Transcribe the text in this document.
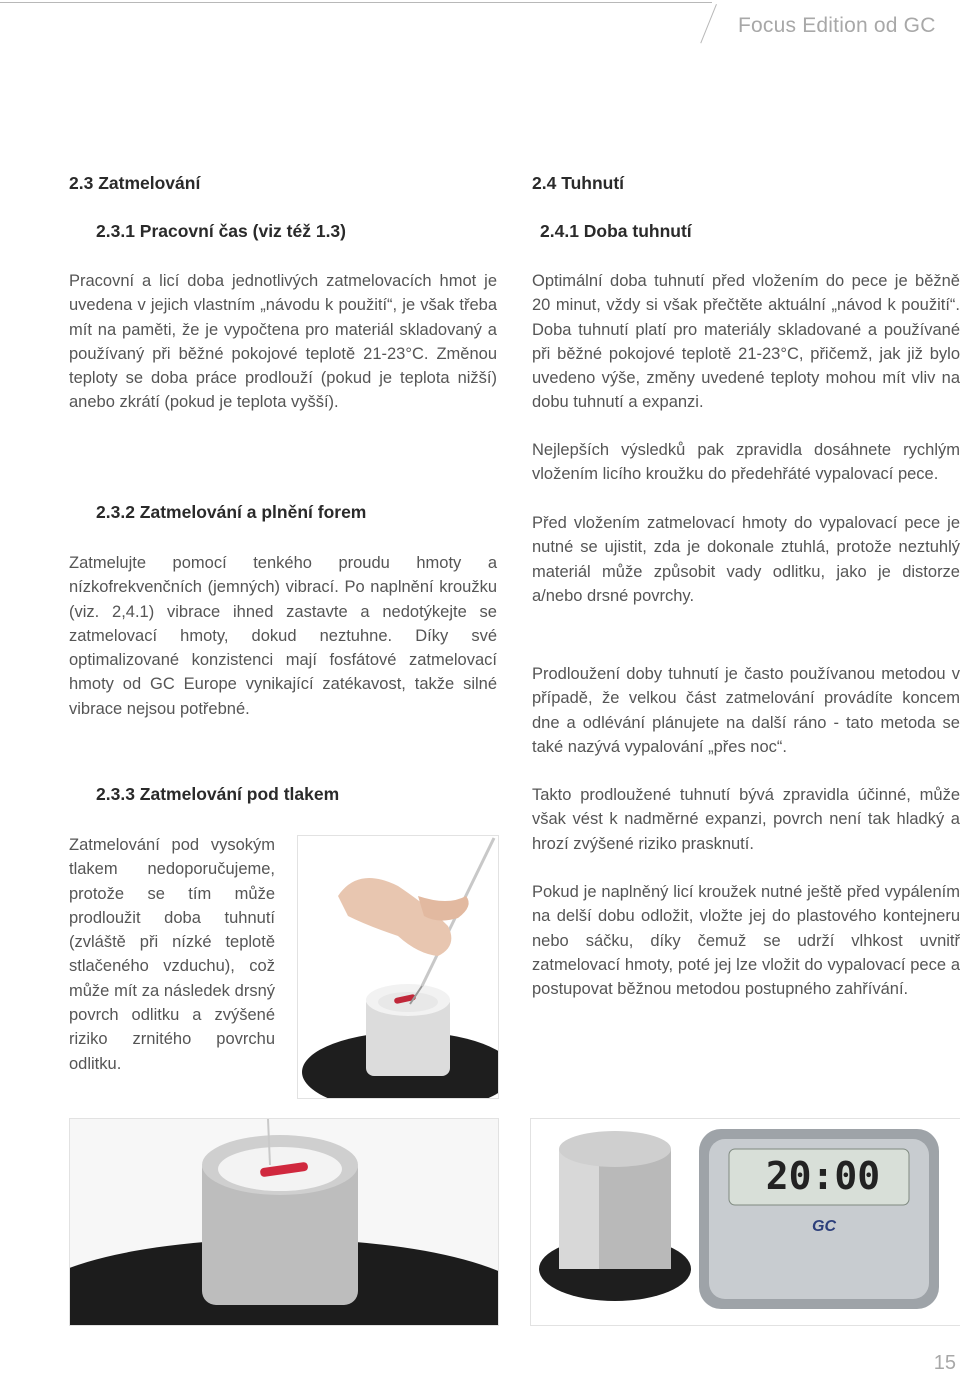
Focus Edition od GC
2.3 Zatmelování
2.3.1 Pracovní čas (viz též 1.3)

Pracovní a licí doba jednotlivých zatmelovacích hmot je uvedena v jejich vlastním „návodu k použití“, je však třeba mít na paměti, že je vypočtena pro materiál skladovaný a používaný při běžné pokojové teplotě 21-23°C. Změnou teploty se doba práce prodlouží (pokud je teplota nižší) anebo zkrátí (pokud je teplota vyšší).

2.3.2 Zatmelování a plnění forem

Zatmelujte pomocí tenkého proudu hmoty a nízkofrekvenčních (jemných) vibrací. Po naplnění kroužku (viz. 2,4.1) vibrace ihned zastavte a nedotýkejte se zatmelovací hmoty, dokud neztuhne. Díky své optimalizované konzistenci mají fosfátové zatmelovací hmoty od GC Europe vynikající zatékavost, takže silné vibrace nejsou potřebné.

2.3.3 Zatmelování pod tlakem

Zatmelování pod vysokým tlakem nedoporučujeme, protože se tím může prodloužit doba tuhnutí (zvláště při nízké teplotě stlačeného vzduchu), což může mít za následek drsný povrch odlitku a zvýšené riziko zrnitého povrchu odlitku.

2.4 Tuhnutí
2.4.1 Doba tuhnutí

Optimální doba tuhnutí před vložením do pece je běžně 20 minut, vždy si však přečtěte aktuální „návod k použití“. Doba tuhnutí platí pro materiály skladované a používané při běžné pokojové teplotě 21-23°C, přičemž, jak již bylo uvedeno výše, změny uvedené teploty mohou mít vliv na dobu tuhnutí a expanzi.

Nejlepších výsledků pak zpravidla dosáhnete rychlým vložením licího kroužku do předehřáté vypalovací pece.

Před vložením zatmelovací hmoty do vypalovací pece je nutné se ujistit, zda je dokonale ztuhlá, protože neztuhlý materiál může způsobit vady odlitku, jako je distorze a/nebo drsné povrchy.

Prodloužení doby tuhnutí je často používanou metodou v případě, že velkou část zatmelování provádíte koncem dne a odlévání plánujete na další ráno - tato metoda se také nazývá vypalování „přes noc“.

Takto prodloužené tuhnutí bývá zpravidla účinné, může však vést k nadměrné expanzi, povrch není tak hladký a hrozí zvýšené riziko prasknutí.

Pokud je naplněný licí kroužek nutné ještě před vypálením na delší dobu odložit, vložte jej do plastového kontejneru nebo sáčku, díky čemuž se udrží vlhkost uvnitř zatmelovací hmoty, poté jej lze vložit do vypalovací pece a postupovat běžnou metodou postupného zahřívání.

20:00
GC
15
